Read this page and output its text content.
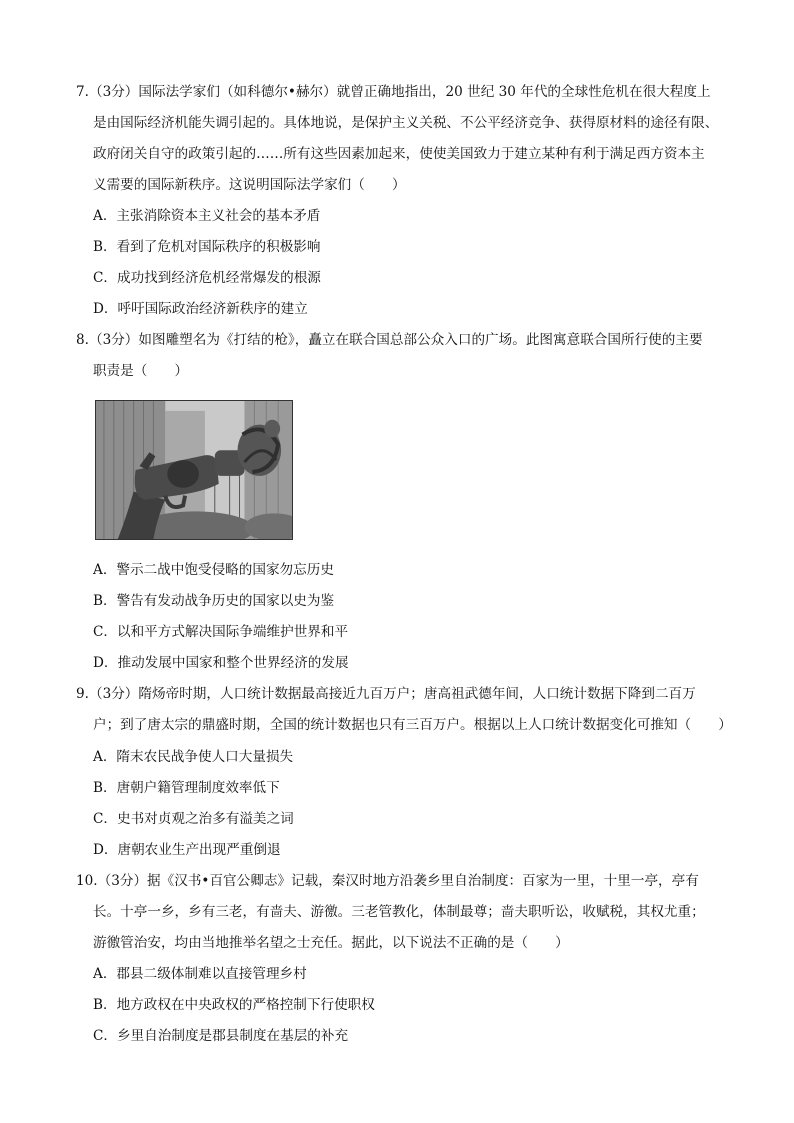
7.（3分）国际法学家们（如科德尔•赫尔）就曾正确地指出，20 世纪 30 年代的全球性危机在很大程度上
是由国际经济机能失调引起的。具体地说，是保护主义关税、不公平经济竞争、获得原材料的途径有限、
政府闭关自守的政策引起的……所有这些因素加起来，使使美国致力于建立某种有利于满足西方资本主
义需要的国际新秩序。这说明国际法学家们（　　）
A．主张消除资本主义社会的基本矛盾
B．看到了危机对国际秩序的积极影响
C．成功找到经济危机经常爆发的根源
D．呼吁国际政治经济新秩序的建立
8.（3分）如图雕塑名为《打结的枪》，矗立在联合国总部公众入口的广场。此图寓意联合国所行使的主要
职责是（　　）
A．警示二战中饱受侵略的国家勿忘历史
B．警告有发动战争历史的国家以史为鉴
C．以和平方式解决国际争端维护世界和平
D．推动发展中国家和整个世界经济的发展
9.（3分）隋炀帝时期，人口统计数据最高接近九百万户；唐高祖武德年间，人口统计数据下降到二百万
户；到了唐太宗的鼎盛时期，全国的统计数据也只有三百万户。根据以上人口统计数据变化可推知（　　）
A．隋末农民战争使人口大量损失
B．唐朝户籍管理制度效率低下
C．史书对贞观之治多有溢美之词
D．唐朝农业生产出现严重倒退
10.（3分）据《汉书•百官公卿志》记载，秦汉时地方沿袭乡里自治制度：百家为一里，十里一亭，亭有
长。十亭一乡，乡有三老，有啬夫、游徼。三老管教化，体制最尊；啬夫职听讼，收赋税，其权尤重；
游徼管治安，均由当地推举名望之士充任。据此，以下说法不正确的是（　　）
A．郡县二级体制难以直接管理乡村
B．地方政权在中央政权的严格控制下行使职权
C．乡里自治制度是郡县制度在基层的补充
